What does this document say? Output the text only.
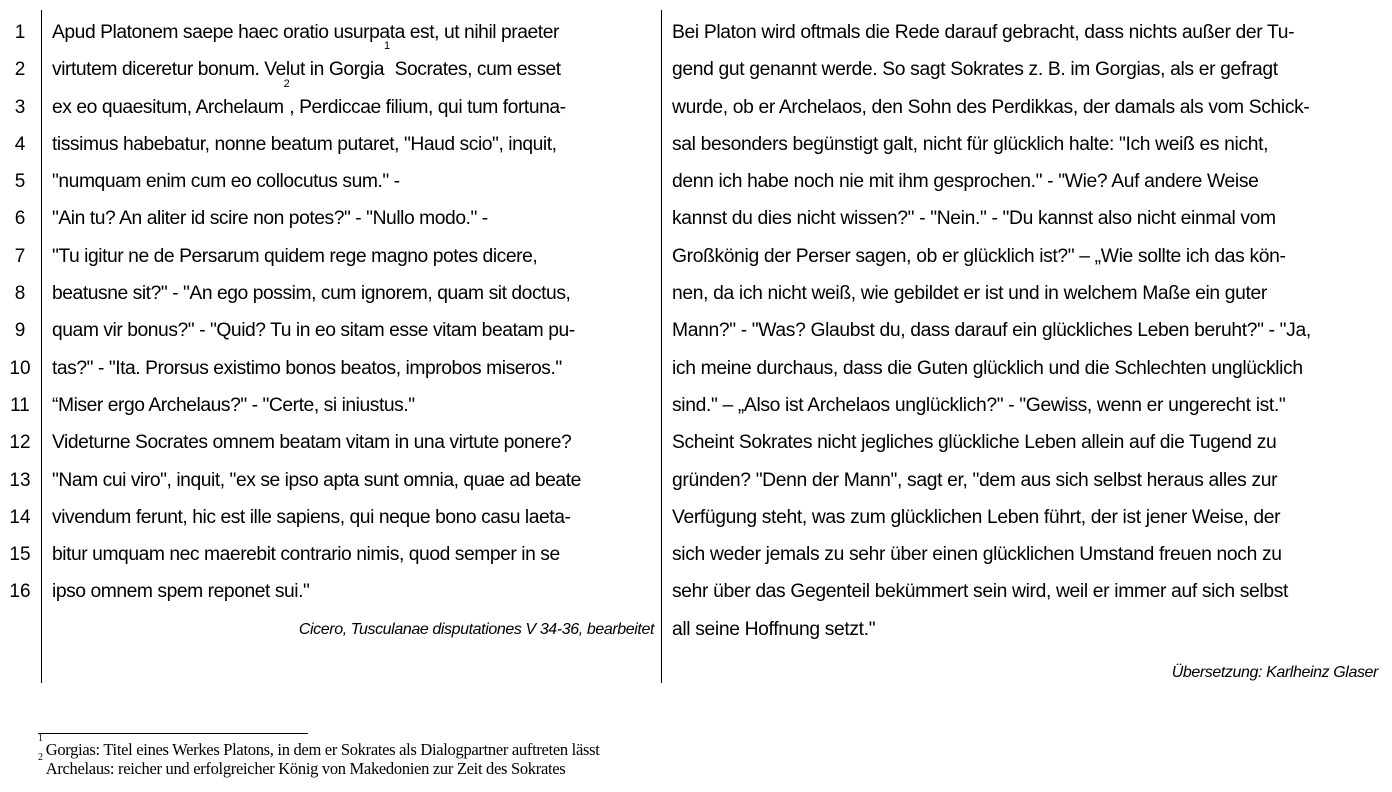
1
2
3
4
5
6
7
8
9
10
11
12
13
14
15
16
Apud Platonem saepe haec oratio usurpata est, ut nihil praeter
virtutem diceretur bonum. Velut in Gorgia$^1$ Socrates, cum esset
ex eo quaesitum, Archelaum$^2$, Perdiccae filium, qui tum fortuna-
tissimus habebatur, nonne beatum putaret, "Haud scio", inquit,
"numquam enim cum eo collocutus sum." -
"Ain tu? An aliter id scire non potes?" - "Nullo modo." -
"Tu igitur ne de Persarum quidem rege magno potes dicere,
beatusne sit?" - "An ego possim, cum ignorem, quam sit doctus,
quam vir bonus?" - "Quid? Tu in eo sitam esse vitam beatam pu-
tas?" - "Ita. Prorsus existimo bonos beatos, improbos miseros."
“Miser ergo Archelaus?" - "Certe, si iniustus."
Videturne Socrates omnem beatam vitam in una virtute ponere?
"Nam cui viro", inquit, "ex se ipso apta sunt omnia, quae ad beate
vivendum ferunt, hic est ille sapiens, qui neque bono casu laeta-
bitur umquam nec maerebit contrario nimis, quod semper in se
ipso omnem spem reponet sui."
Cicero, Tusculanae disputationes V 34-36, bearbeitet
Bei Platon wird oftmals die Rede darauf gebracht, dass nichts außer der Tu-
gend gut genannt werde. So sagt Sokrates z. B. im Gorgias, als er gefragt
wurde, ob er Archelaos, den Sohn des Perdikkas, der damals als vom Schick-
sal besonders begünstigt galt, nicht für glücklich halte: "Ich weiß es nicht,
denn ich habe noch nie mit ihm gesprochen." - "Wie? Auf andere Weise
kannst du dies nicht wissen?" - "Nein." - "Du kannst also nicht einmal vom
Großkönig der Perser sagen, ob er glücklich ist?" – „Wie sollte ich das kön-
nen, da ich nicht weiß, wie gebildet er ist und in welchem Maße ein guter
Mann?" - "Was? Glaubst du, dass darauf ein glückliches Leben beruht?" - "Ja,
ich meine durchaus, dass die Guten glücklich und die Schlechten unglücklich
sind." – „Also ist Archelaos unglücklich?" - "Gewiss, wenn er ungerecht ist."
Scheint Sokrates nicht jegliches glückliche Leben allein auf die Tugend zu
gründen? "Denn der Mann", sagt er, "dem aus sich selbst heraus alles zur
Verfügung steht, was zum glücklichen Leben führt, der ist jener Weise, der
sich weder jemals zu sehr über einen glücklichen Umstand freuen noch zu
sehr über das Gegenteil bekümmert sein wird, weil er immer auf sich selbst
all seine Hoffnung setzt."
Übersetzung: Karlheinz Glaser
$^1$Gorgias: Titel eines Werkes Platons, in dem er Sokrates als Dialogpartner auftreten lässt
$^2$Archelaus: reicher und erfolgreicher König von Makedonien zur Zeit des Sokrates
